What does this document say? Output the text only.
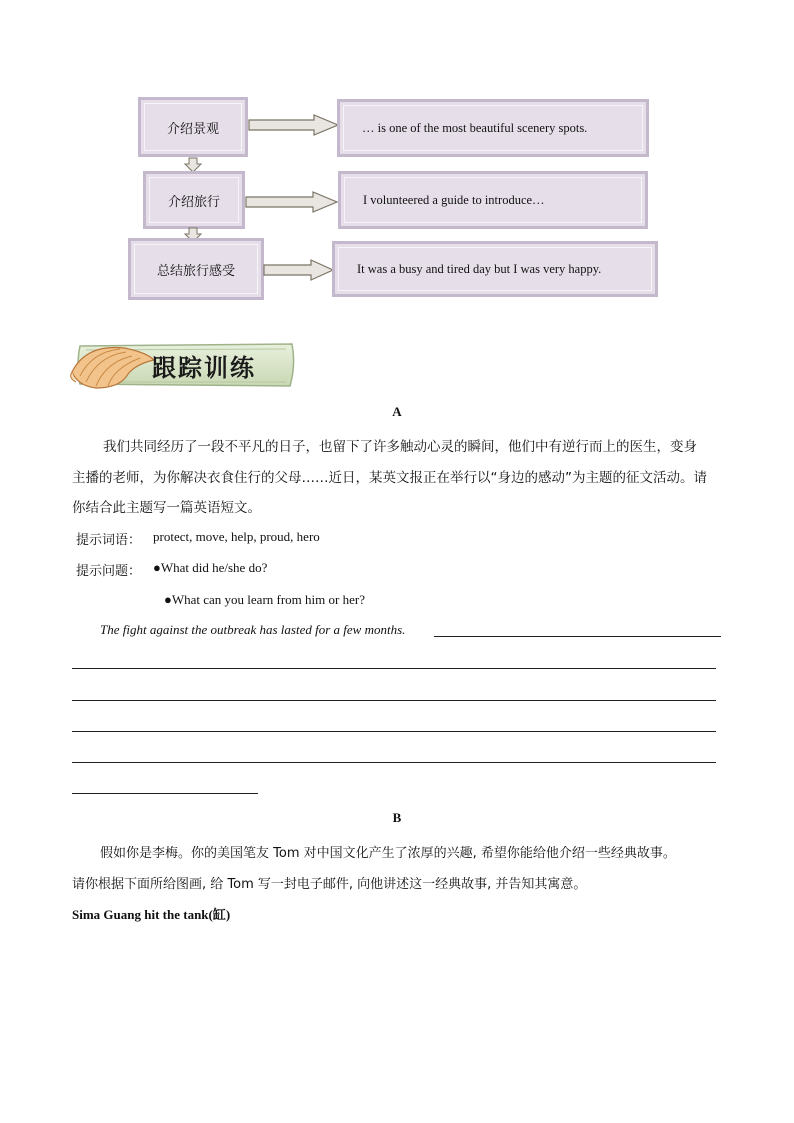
介绍景观	… is one of the most beautiful scenery spots.
介绍旅行	I volunteered a guide to introduce…
总结旅行感受	It was a busy and tired day but I was very happy.
跟踪训练
A
我们共同经历了一段不平凡的日子，也留下了许多触动心灵的瞬间，他们中有逆行而上的医生，变身
主播的老师，为你解决衣食住行的父母……近日，某英文报正在举行以“身边的感动”为主题的征文活动。请
你结合此主题写一篇英语短文。
提示词语： protect, move, help, proud, hero
提示问题： ●What did he/she do?
●What can you learn from him or her?
The fight against the outbreak has lasted for a few months.
B
假如你是李梅。你的美国笔友 Tom 对中国文化产生了浓厚的兴趣, 希望你能给他介绍一些经典故事。
请你根据下面所给图画, 给 Tom 写一封电子邮件, 向他讲述这一经典故事, 并告知其寓意。
Sima Guang hit the tank(缸)
